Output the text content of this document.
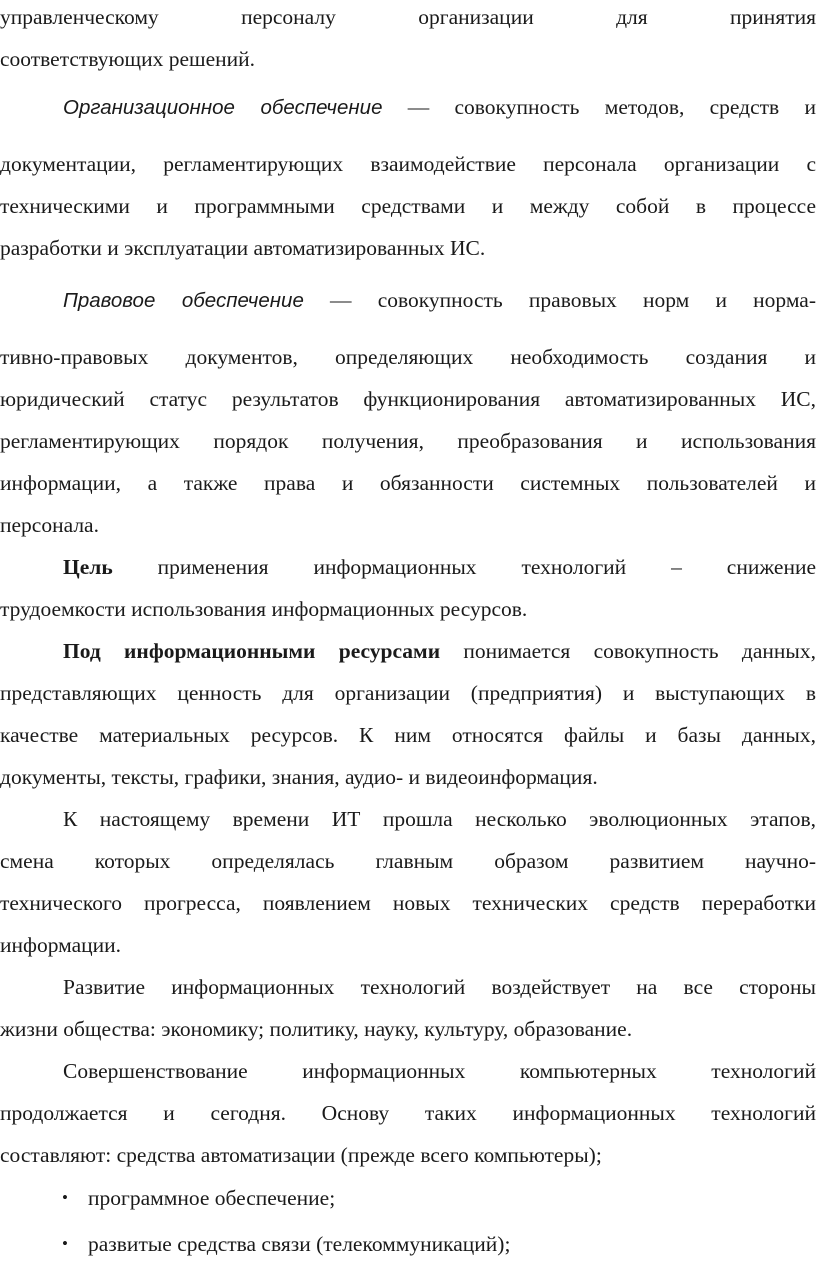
управленческому персоналу организации для принятия
соответствующих решений.
Организационное обеспечение — совокупность методов, средств и
документации, регламентирующих взаимодействие персонала организации с
техническими и программными средствами и между собой в процессе
разработки и эксплуатации автоматизированных ИС.
Правовое обеспечение — совокупность правовых норм и норма-
тивно-правовых документов, определяющих необходимость создания и
юридический статус результатов функционирования автоматизированных ИС,
регламентирующих порядок получения, преобразования и использования
информации, а также права и обязанности системных пользователей и
персонала.
Цель применения информационных технологий – снижение
трудоемкости использования информационных ресурсов.
Под информационными ресурсами понимается совокупность данных,
представляющих ценность для организации (предприятия) и выступающих в
качестве материальных ресурсов. К ним относятся файлы и базы данных,
документы, тексты, графики, знания, аудио- и видеоинформация.
К настоящему времени ИТ прошла несколько эволюционных этапов,
смена которых определялась главным образом развитием научно-
технического прогресса, появлением новых технических средств переработки
информации.
Развитие информационных технологий воздействует на все стороны
жизни общества: экономику; политику, науку, культуру, образование.
Совершенствование информационных компьютерных технологий
продолжается и сегодня. Основу таких информационных технологий
составляют: средства автоматизации (прежде всего компьютеры);
• программное обеспечение;
• развитые средства связи (телекоммуникаций);
